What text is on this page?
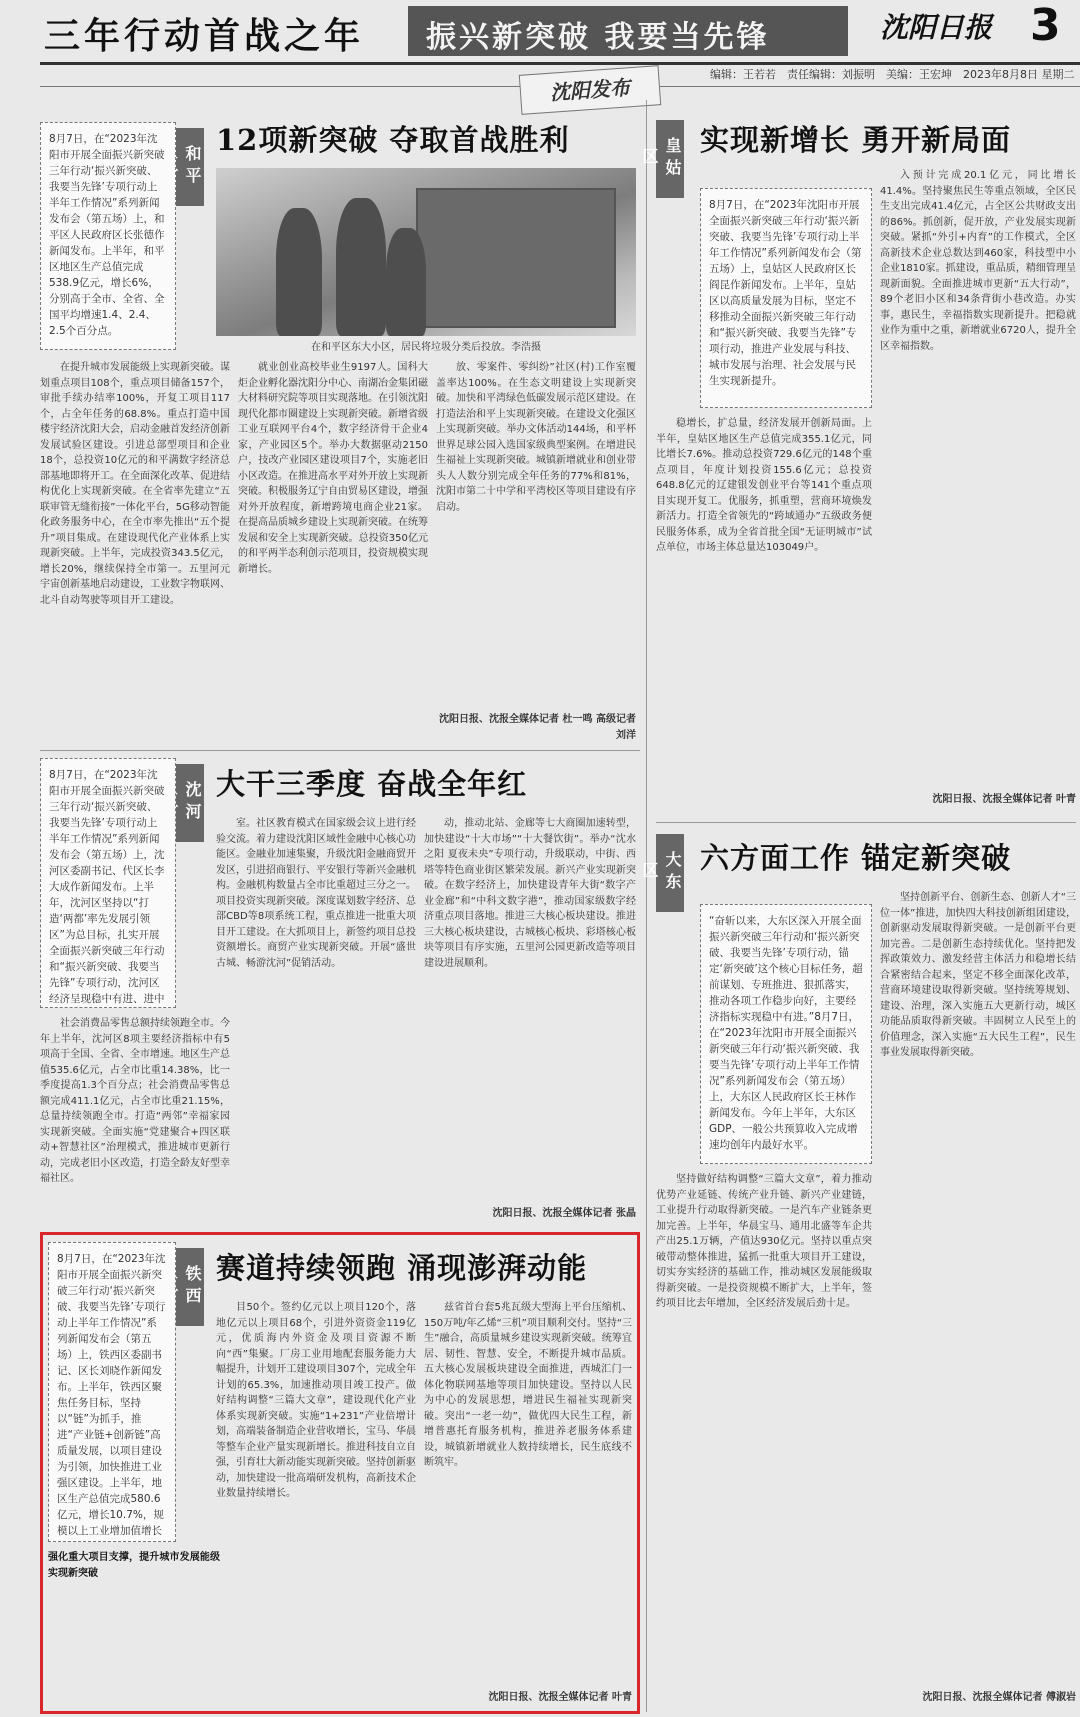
三年行动首战之年	振兴新突破 我要当先锋	沈阳日报 3
编辑：王若若　责任编辑：刘振明　美编：王宏坤　2023年8月8日 星期二
沈阳发布
和平
8月7日，在“2023年沈阳市开展全面振兴新突破三年行动‘振兴新突破、我要当先锋’专项行动上半年工作情况”系列新闻发布会（第五场）上，和平区人民政府区长张德作新闻发布。上半年，和平区地区生产总值完成538.9亿元，增长6%，分别高于全市、全省、全国平均增速1.4、2.4、2.5个百分点。
12项新突破 夺取首战胜利
在和平区东大小区，居民将垃圾分类后投放。李浩摄

在提升城市发展能级上实现新突破。谋划重点项目108个，重点项目储备157个，审批手续办结率100%，开复工项目117个，占全年任务的68.8%。重点打造中国楼宇经济沈阳大会，启动金融首发经济创新发展试验区建设。引进总部型项目和企业18个，总投资10亿元的和平满数字经济总部基地即将开工。在全面深化改革、促进结构优化上实现新突破。在全省率先建立“五联审管无缝衔接”一体化平台，5G移动智能化政务服务中心，在全市率先推出“五个提升”项目集成。在建设现代化产业体系上实现新突破。上半年，完成投资343.5亿元，增长20%，继续保持全市第一。五里河元宇宙创新基地启动建设，工业数字物联网、北斗自动驾驶等项目开工建设。

就业创业高校毕业生9197人。国科大炬企业孵化器沈阳分中心、南湖冶金集团磁大材料研究院等项目实现落地。在引领沈阳现代化都市圈建设上实现新突破。新增省级工业互联网平台4个，数字经济骨干企业4家，产业园区5个。举办大数据驱动2150户，技改产业园区建设项目7个，实施老旧小区改造。在推进高水平对外开放上实现新突破。积极服务辽宁自由贸易区建设，增强对外开放程度，新增跨境电商企业21家。在提高品质城乡建设上实现新突破。在统筹发展和安全上实现新突破。总投资350亿元的和平两半态利创示范项目，投资规模实现新增长。

放、零案件、零纠纷”社区(村)工作室覆盖率达100%。在生态文明建设上实现新突破。加快和平湾绿色低碳发展示范区建设。在打造法治和平上实现新突破。在建设文化强区上实现新突破。举办文体活动144场，和平杯世界足球公园入选国家级典型案例。在增进民生福祉上实现新突破。城镇新增就业和创业带头人人数分别完成全年任务的77%和81%，沈阳市第二十中学和平湾校区等项目建设有序启动。

沈阳日报、沈报全媒体记者 杜一鸣 高级记者 刘洋

沈河
8月7日，在“2023年沈阳市开展全面振兴新突破三年行动‘振兴新突破、我要当先锋’专项行动上半年工作情况”系列新闻发布会（第五场）上，沈河区委副书记、代区长李大成作新闻发布。上半年，沈河区坚持以“打造‘两都’率先发展引领区”为总目标，扎实开展全面振兴新突破三年行动和“振兴新突破、我要当先锋”专项行动，沈河区经济呈现稳中有进、进中
大干三季度 奋战全年红

社会消费品零售总额持续领跑全市。今年上半年，沈河区8项主要经济指标中有5项高于全国、全省、全市增速。地区生产总值535.6亿元，占全市比重14.38%，比一季度提高1.3个百分点；社会消费品零售总额完成411.1亿元，占全市比重21.15%，总量持续领跑全市。打造“两邻”幸福家园实现新突破。全面实施“党建聚合+四区联动+智慧社区”治理模式，推进城市更新行动，完成老旧小区改造，打造全龄友好型幸福社区。

室。社区教育模式在国家级会议上进行经验交流。着力建设沈阳区域性金融中心核心功能区。金融业加速集聚，升级沈阳金融商贸开发区，引进招商银行、平安银行等新兴金融机构。金融机构数量占全市比重超过三分之一。项目投资实现新突破。深度谋划数字经济、总部CBD等8项系统工程，重点推进一批重大项目开工建设。在大抓项目上，新签约项目总投资额增长。商贸产业实现新突破。开展“盛世古城、畅游沈河”促销活动。

动，推动北站、金廊等七大商圈加速转型，加快建设“十大市场”“十大餐饮街”。举办“沈水之阳 夏夜未央”专项行动，升级联动，中街、西塔等特色商业街区繁荣发展。新兴产业实现新突破。在数字经济上，加快建设青年大街“数字产业金廊”和“中科文数字港”，推动国家级数字经济重点项目落地。推进三大核心板块建设。推进三大核心板块建设，古城核心板块、彩塔核心板块等项目有序实施，五里河公园更新改造等项目建设进展顺利。

沈阳日报、沈报全媒体记者 张晶

铁西
8月7日，在“2023年沈阳市开展全面振兴新突破三年行动‘振兴新突破、我要当先锋’专项行动上半年工作情况”系列新闻发布会（第五场）上，铁西区委副书记、区长刘晓作新闻发布。上半年，铁西区聚焦任务目标，坚持以“链”为抓手，推进“产业链+创新链”高质量发展，以项目建设为引领，加快推进工业强区建设。上半年，地区生产总值完成580.6亿元，增长10.7%，规模以上工业增加值增长
赛道持续领跑 涌现澎湃动能

强化重大项目支撑，提升城市发展能级实现新突破

目50个。签约亿元以上项目120个，落地亿元以上项目68个，引进外资资金119亿元，优质海内外资金及项目资源不断向“西”集聚。厂房工业用地配套服务能力大幅提升，计划开工建设项目307个，完成全年计划的65.3%，加速推动项目竣工投产。做好结构调整“三篇大文章”，建设现代化产业体系实现新突破。实施“1+231”产业倍增计划，高端装备制造企业营收增长，宝马、华晨等整车企业产量实现新增长。推进科技自立自强，引育壮大新动能实现新突破。坚持创新驱动，加快建设一批高端研发机构，高新技术企业数量持续增长。

兹省首台套5兆瓦级大型海上平台压缩机、150万吨/年乙烯“三机”项目顺利交付。坚持“三生”融合，高质量城乡建设实现新突破。统筹宜居、韧性、智慧、安全，不断提升城市品质。五大核心发展板块建设全面推进，西城汇门一体化物联网基地等项目加快建设。坚持以人民为中心的发展思想，增进民生福祉实现新突破。突出“一老一幼”，做优四大民生工程，新增普惠托育服务机构，推进养老服务体系建设，城镇新增就业人数持续增长，民生底线不断筑牢。

沈阳日报、沈报全媒体记者 叶青

皇姑区
实现新增长 勇开新局面
8月7日，在“2023年沈阳市开展全面振兴新突破三年行动‘振兴新突破、我要当先锋’专项行动上半年工作情况”系列新闻发布会（第五场）上，皇姑区人民政府区长阎昆作新闻发布。上半年，皇姑区以高质量发展为目标，坚定不移推动全面振兴新突破三年行动和“振兴新突破、我要当先锋”专项行动，推进产业发展与科技、城市发展与治理、社会发展与民生实现新提升。

稳增长，扩总量，经济发展开创新局面。上半年，皇姑区地区生产总值完成355.1亿元，同比增长7.6%。推动总投资729.6亿元的148个重点项目，年度计划投资155.6亿元；总投资648.8亿元的辽建银发创业平台等141个重点项目实现开复工。优服务，抓重塑，营商环境焕发新活力。打造全省领先的“跨域通办”五级政务便民服务体系，成为全省首批全国“无证明城市”试点单位，市场主体总量达103049户。

入预计完成20.1亿元，同比增长41.4%。坚持聚焦民生等重点领域，全区民生支出完成41.4亿元，占全区公共财政支出的86%。抓创新，促开放，产业发展实现新突破。紧抓“外引+内育”的工作模式，全区高新技术企业总数达到460家，科技型中小企业1810家。抓建设，重品质，精细管理呈现新面貌。全面推进城市更新“五大行动”，89个老旧小区和34条背街小巷改造。办实事，惠民生，幸福指数实现新提升。把稳就业作为重中之重，新增就业6720人，提升全区幸福指数。

沈阳日报、沈报全媒体记者 叶青

大东区	六方面工作 锚定新突破
“奋斩以来，大东区深入开展全面振兴新突破三年行动和‘振兴新突破、我要当先锋’专项行动，锚定‘新突破’这个核心目标任务，超前谋划、专班推进、狠抓落实，推动各项工作稳步向好，主要经济指标实现稳中有进。”8月7日，在“2023年沈阳市开展全面振兴新突破三年行动‘振兴新突破、我要当先锋’专项行动上半年工作情况”系列新闻发布会（第五场）上，大东区人民政府区长王林作新闻发布。今年上半年，大东区GDP、一般公共预算收入完成增速均创年内最好水平。

坚持做好结构调整“三篇大文章”，着力推动优势产业延链、传统产业升链、新兴产业建链，工业提升行动取得新突破。一是汽车产业链条更加完善。上半年，华晨宝马、通用北盛等车企共产出25.1万辆，产值达930亿元。坚持以重点突破带动整体推进，猛抓一批重大项目开工建设，切实夯实经济的基础工作，推动城区发展能级取得新突破。一是投资规模不断扩大，上半年，签约项目比去年增加，全区经济发展后劲十足。

坚持创新平台、创新生态、创新人才“三位一体”推进，加快四大科技创新组团建设，创新驱动发展取得新突破。一是创新平台更加完善。二是创新生态持续优化。坚持把发挥政策效力、激发经营主体活力和稳增长结合紧密结合起来，坚定不移全面深化改革，营商环境建设取得新突破。坚持统筹规划、建设、治理，深入实施五大更新行动，城区功能品质取得新突破。丰固树立人民至上的价值理念，深入实施“五大民生工程”，民生事业发展取得新突破。

沈阳日报、沈报全媒体记者 傅淑岩
